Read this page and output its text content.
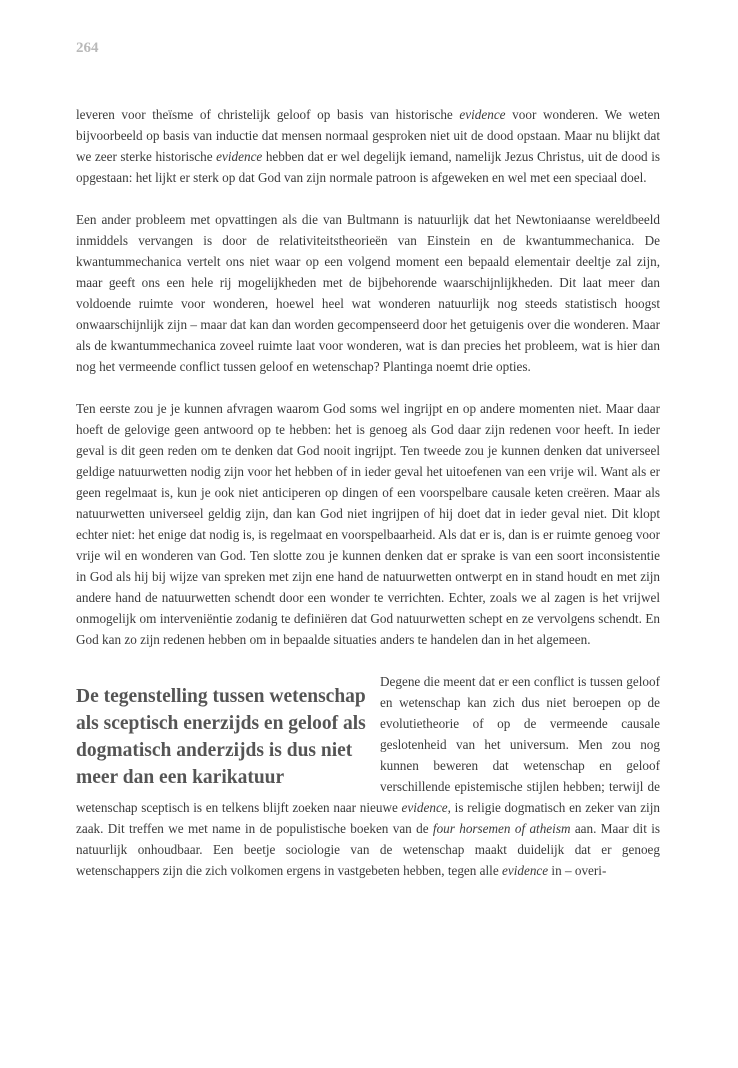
264

leveren voor theïsme of christelijk geloof op basis van historische evidence voor wonderen. We weten bijvoorbeeld op basis van inductie dat mensen normaal gesproken niet uit de dood opstaan. Maar nu blijkt dat we zeer sterke historische evidence hebben dat er wel degelijk iemand, namelijk Jezus Christus, uit de dood is opgestaan: het lijkt er sterk op dat God van zijn normale patroon is afgeweken en wel met een speciaal doel.

Een ander probleem met opvattingen als die van Bultmann is natuurlijk dat het Newtoniaanse wereldbeeld inmiddels vervangen is door de relativiteitstheorieën van Einstein en de kwantummechanica. De kwantummechanica vertelt ons niet waar op een volgend moment een bepaald elementair deeltje zal zijn, maar geeft ons een hele rij mogelijkheden met de bijbehorende waarschijnlijkheden. Dit laat meer dan voldoende ruimte voor wonderen, hoewel heel wat wonderen natuurlijk nog steeds statistisch hoogst onwaarschijnlijk zijn – maar dat kan dan worden gecompenseerd door het getuigenis over die wonderen. Maar als de kwantummechanica zoveel ruimte laat voor wonderen, wat is dan precies het probleem, wat is hier dan nog het vermeende conflict tussen geloof en wetenschap? Plantinga noemt drie opties.

Ten eerste zou je je kunnen afvragen waarom God soms wel ingrijpt en op andere momenten niet. Maar daar hoeft de gelovige geen antwoord op te hebben: het is genoeg als God daar zijn redenen voor heeft. In ieder geval is dit geen reden om te denken dat God nooit ingrijpt. Ten tweede zou je kunnen denken dat universeel geldige natuurwetten nodig zijn voor het hebben of in ieder geval het uitoefenen van een vrije wil. Want als er geen regelmaat is, kun je ook niet anticiperen op dingen of een voorspelbare causale keten creëren. Maar als natuurwetten universeel geldig zijn, dan kan God niet ingrijpen of hij doet dat in ieder geval niet. Dit klopt echter niet: het enige dat nodig is, is regelmaat en voorspelbaarheid. Als dat er is, dan is er ruimte genoeg voor vrije wil en wonderen van God. Ten slotte zou je kunnen denken dat er sprake is van een soort inconsistentie in God als hij bij wijze van spreken met zijn ene hand de natuurwetten ontwerpt en in stand houdt en met zijn andere hand de natuurwetten schendt door een wonder te verrichten. Echter, zoals we al zagen is het vrijwel onmogelijk om interveniëntie zodanig te definiëren dat God natuurwetten schept en ze vervolgens schendt. En God kan zo zijn redenen hebben om in bepaalde situaties anders te handelen dan in het algemeen.

De tegenstelling tussen wetenschap als sceptisch enerzijds en geloof als dogmatisch anderzijds is dus niet meer dan een karikatuur

Degene die meent dat er een conflict is tussen geloof en wetenschap kan zich dus niet beroepen op de evolutietheorie of op de vermeende causale geslotenheid van het universum. Men zou nog kunnen beweren dat wetenschap en geloof verschillende epistemische stijlen hebben; terwijl de wetenschap sceptisch is en telkens blijft zoeken naar nieuwe evidence, is religie dogmatisch en zeker van zijn zaak. Dit treffen we met name in de populistische boeken van de four horsemen of atheism aan. Maar dit is natuurlijk onhoudbaar. Een beetje sociologie van de wetenschap maakt duidelijk dat er genoeg wetenschappers zijn die zich volkomen ergens in vastgebeten hebben, tegen alle evidence in – overi-
